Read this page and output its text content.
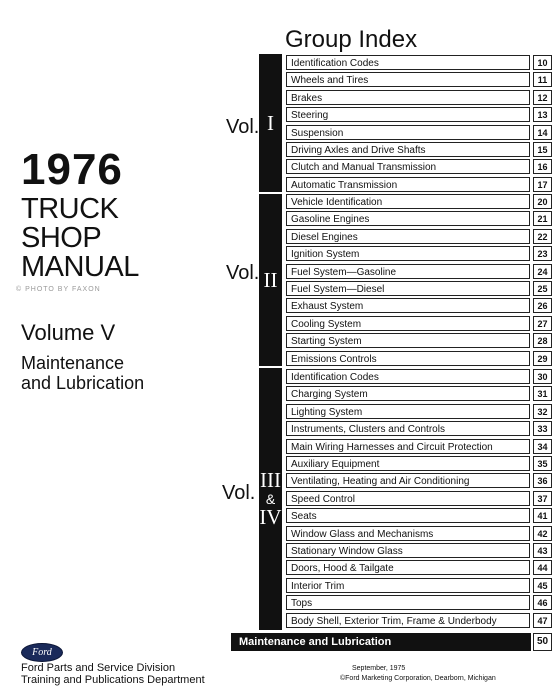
1976
TRUCK
SHOP
MANUAL
© PHOTO BY FAXON
Volume V
Maintenance
and Lubrication
Group Index
Vol. I
Vol. II
Vol.
III
&
IV
Identification Codes	10
Wheels and Tires	11
Brakes	12
Steering	13
Suspension	14
Driving Axles and Drive Shafts	15
Clutch and Manual Transmission	16
Automatic Transmission	17
Vehicle Identification	20
Gasoline Engines	21
Diesel Engines	22
Ignition System	23
Fuel System—Gasoline	24
Fuel System—Diesel	25
Exhaust System	26
Cooling System	27
Starting System	28
Emissions Controls	29
Identification Codes	30
Charging System	31
Lighting System	32
Instruments, Clusters and Controls	33
Main Wiring Harnesses and Circuit Protection	34
Auxiliary Equipment	35
Ventilating, Heating and Air Conditioning	36
Speed Control	37
Seats	41
Window Glass and Mechanisms	42
Stationary Window Glass	43
Doors, Hood & Tailgate	44
Interior Trim	45
Tops	46
Body Shell, Exterior Trim, Frame & Underbody	47
Maintenance and Lubrication	50
Ford
Ford Parts and Service Division
Training and Publications Department
September, 1975
©Ford Marketing Corporation, Dearborn, Michigan
